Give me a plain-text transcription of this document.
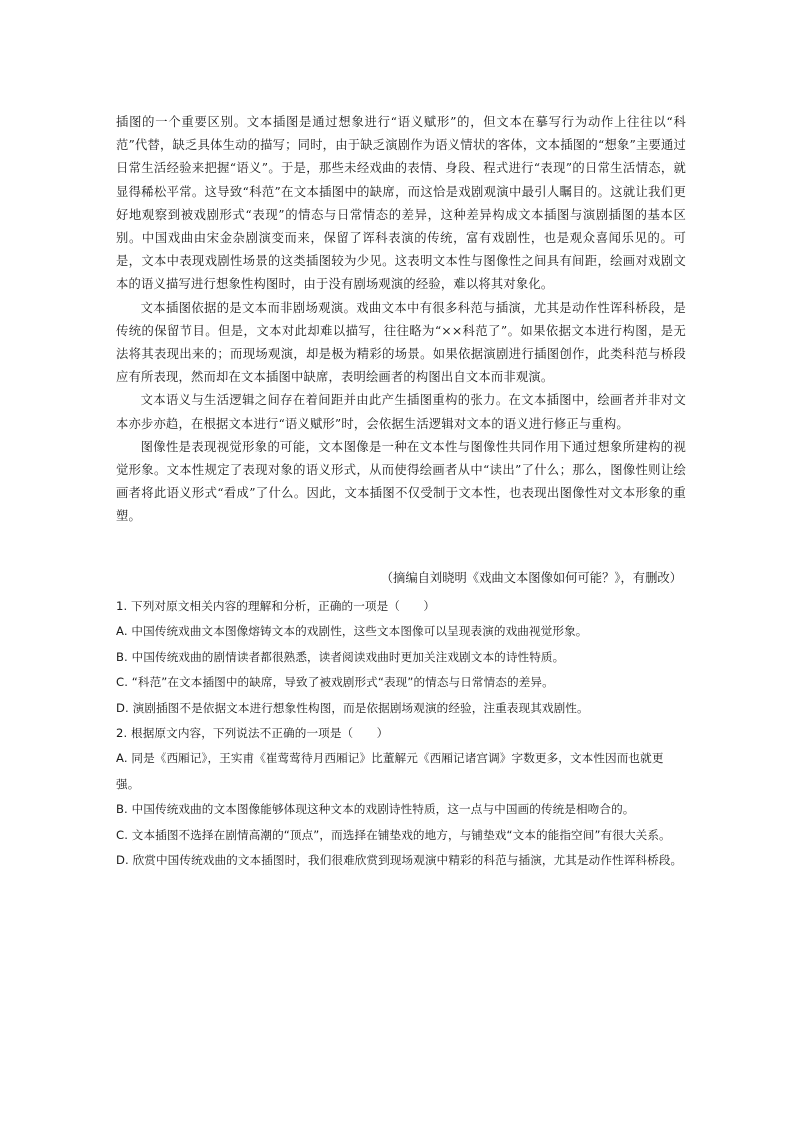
插图的一个重要区别。文本插图是通过想象进行“语义赋形”的，但文本在摹写行为动作上往往以“科范”代替，缺乏具体生动的描写；同时，由于缺乏演剧作为语义情状的客体，文本插图的“想象”主要通过日常生活经验来把握“语义”。于是，那些未经戏曲的表情、身段、程式进行“表现”的日常生活情态，就显得稀松平常。这导致“科范”在文本插图中的缺席，而这恰是戏剧观演中最引人瞩目的。这就让我们更好地观察到被戏剧形式“表现”的情态与日常情态的差异，这种差异构成文本插图与演剧插图的基本区别。中国戏曲由宋金杂剧演变而来，保留了诨科表演的传统，富有戏剧性，也是观众喜闻乐见的。可是，文本中表现戏剧性场景的这类插图较为少见。这表明文本性与图像性之间具有间距，绘画对戏剧文本的语义描写进行想象性构图时，由于没有剧场观演的经验，难以将其对象化。

文本插图依据的是文本而非剧场观演。戏曲文本中有很多科范与插演，尤其是动作性诨科桥段，是传统的保留节目。但是，文本对此却难以描写，往往略为“××科范了”。如果依据文本进行构图，是无法将其表现出来的；而现场观演，却是极为精彩的场景。如果依据演剧进行插图创作，此类科范与桥段应有所表现，然而却在文本插图中缺席，表明绘画者的构图出自文本而非观演。

文本语义与生活逻辑之间存在着间距并由此产生插图重构的张力。在文本插图中，绘画者并非对文本亦步亦趋，在根据文本进行“语义赋形”时，会依据生活逻辑对文本的语义进行修正与重构。

图像性是表现视觉形象的可能，文本图像是一种在文本性与图像性共同作用下通过想象所建构的视觉形象。文本性规定了表现对象的语义形式，从而使得绘画者从中“读出”了什么；那么，图像性则让绘画者将此语义形式“看成”了什么。因此，文本插图不仅受制于文本性，也表现出图像性对文本形象的重塑。

（摘编自刘晓明《戏曲文本图像如何可能？》，有删改）

1. 下列对原文相关内容的理解和分析，正确的一项是（　　）

A. 中国传统戏曲文本图像熔铸文本的戏剧性，这些文本图像可以呈现表演的戏曲视觉形象。

B. 中国传统戏曲的剧情读者都很熟悉，读者阅读戏曲时更加关注戏剧文本的诗性特质。

C. “科范”在文本插图中的缺席，导致了被戏剧形式“表现”的情态与日常情态的差异。

D. 演剧插图不是依据文本进行想象性构图，而是依据剧场观演的经验，注重表现其戏剧性。

2. 根据原文内容，下列说法不正确的一项是（　　）

A. 同是《西厢记》，王实甫《崔莺莺待月西厢记》比董解元《西厢记诸宫调》字数更多，文本性因而也就更强。

B. 中国传统戏曲的文本图像能够体现这种文本的戏剧诗性特质，这一点与中国画的传统是相吻合的。

C. 文本插图不选择在剧情高潮的“顶点”，而选择在铺垫戏的地方，与铺垫戏“文本的能指空间”有很大关系。

D. 欣赏中国传统戏曲的文本插图时，我们很难欣赏到现场观演中精彩的科范与插演，尤其是动作性诨科桥段。
